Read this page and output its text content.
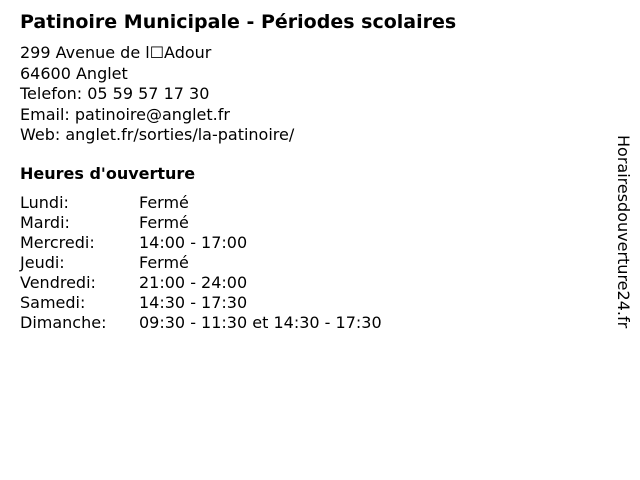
Patinoire Municipale - Périodes scolaires
299 Avenue de l☐Adour
64600 Anglet
Telefon: 05 59 57 17 30
Email: patinoire@anglet.fr
Web: anglet.fr/sorties/la-patinoire/
Heures d'ouverture
Lundi:	Fermé
Mardi:	Fermé
Mercredi:	14:00 - 17:00
Jeudi:	Fermé
Vendredi:	21:00 - 24:00
Samedi:	14:30 - 17:30
Dimanche: 09:30 - 11:30 et 14:30 - 17:30	Horairesdouverture24.fr
